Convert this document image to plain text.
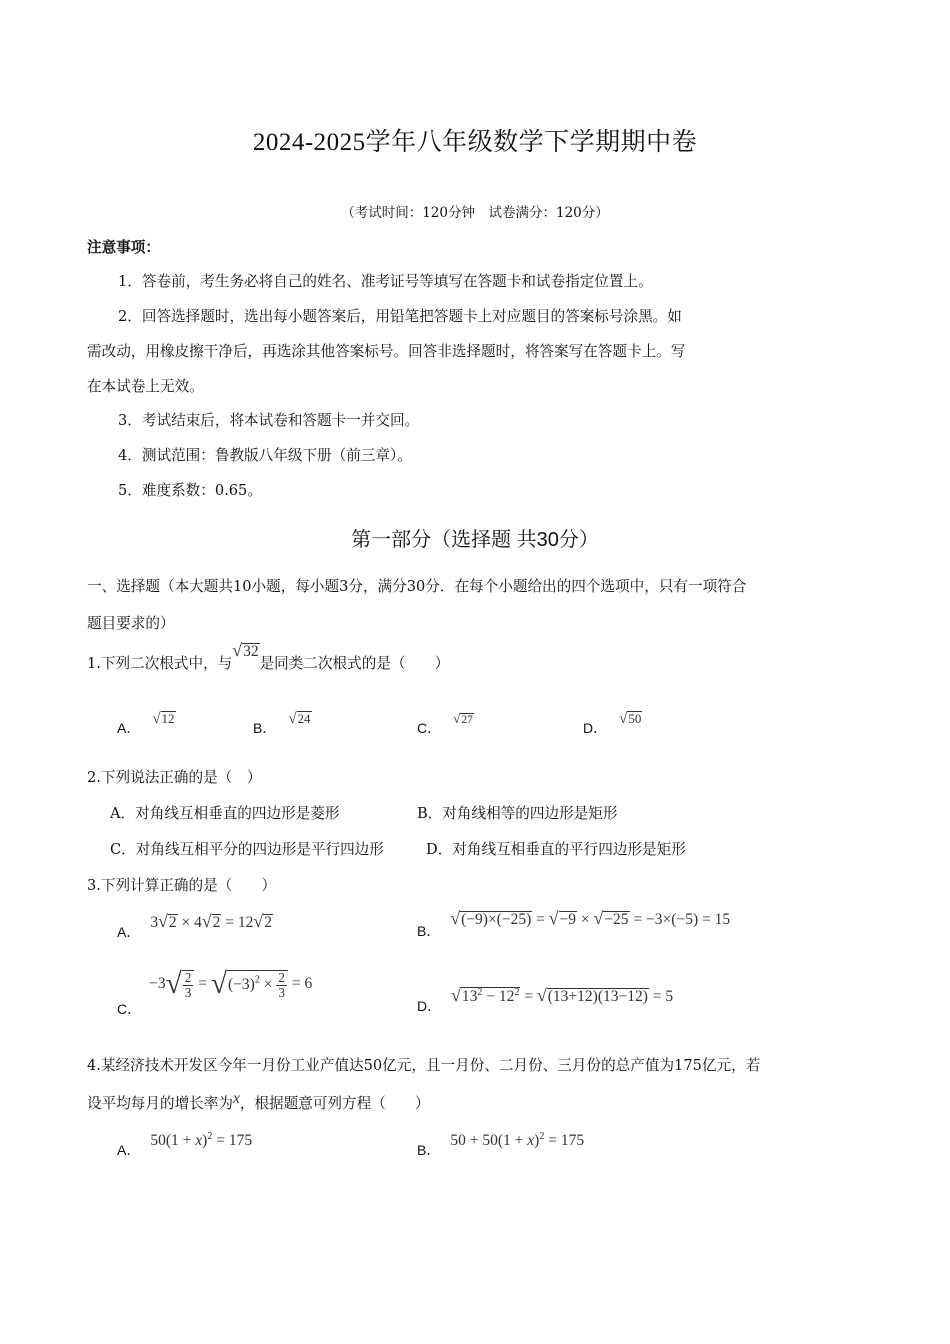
2024-2025学年八年级数学下学期期中卷
（考试时间：120分钟　试卷满分：120分）
注意事项：
1．答卷前，考生务必将自己的姓名、准考证号等填写在答题卡和试卷指定位置上。
2．回答选择题时，选出每小题答案后，用铅笔把答题卡上对应题目的答案标号涂黑。如
需改动，用橡皮擦干净后，再选涂其他答案标号。回答非选择题时，将答案写在答题卡上。写
在本试卷上无效。
3．考试结束后，将本试卷和答题卡一并交回。
4．测试范围：鲁教版八年级下册（前三章）。
5．难度系数：0.65。
第一部分（选择题 共30分）
一、选择题（本大题共10小题，每小题3分，满分30分．在每个小题给出的四个选项中，只有一项符合
题目要求的）
1.下列二次根式中，与√32是同类二次根式的是（　　）
A．√12
B．√24
C．√27	D．√50
2.下列说法正确的是（　）
A．对角线互相垂直的四边形是菱形	B．对角线相等的四边形是矩形
C．对角线互相平分的四边形是平行四边形	D．对角线互相垂直的平行四边形是矩形
3.下列计算正确的是（　　）
A．3√2 × 4√2 = 12√2	B．√(−9)×(−25) = √−9 × √−25 = −3×(−5) = 15
C．$-3√ \frac{2}{3} = √(-3)^2 \times \frac{2}{3} = 6$
D．$√13^2 - 12^2 = √(13+12)(13-12) = 5$
4.某经济技术开发区今年一月份工业产值达50亿元，且一月份、二月份、三月份的总产值为175亿元，若
设平均每月的增长率为x，根据题意可列方程（　　）
A．$50(1 + x)^2 = 175$
B．$50 + 50(1 + x)^2 = 175$
